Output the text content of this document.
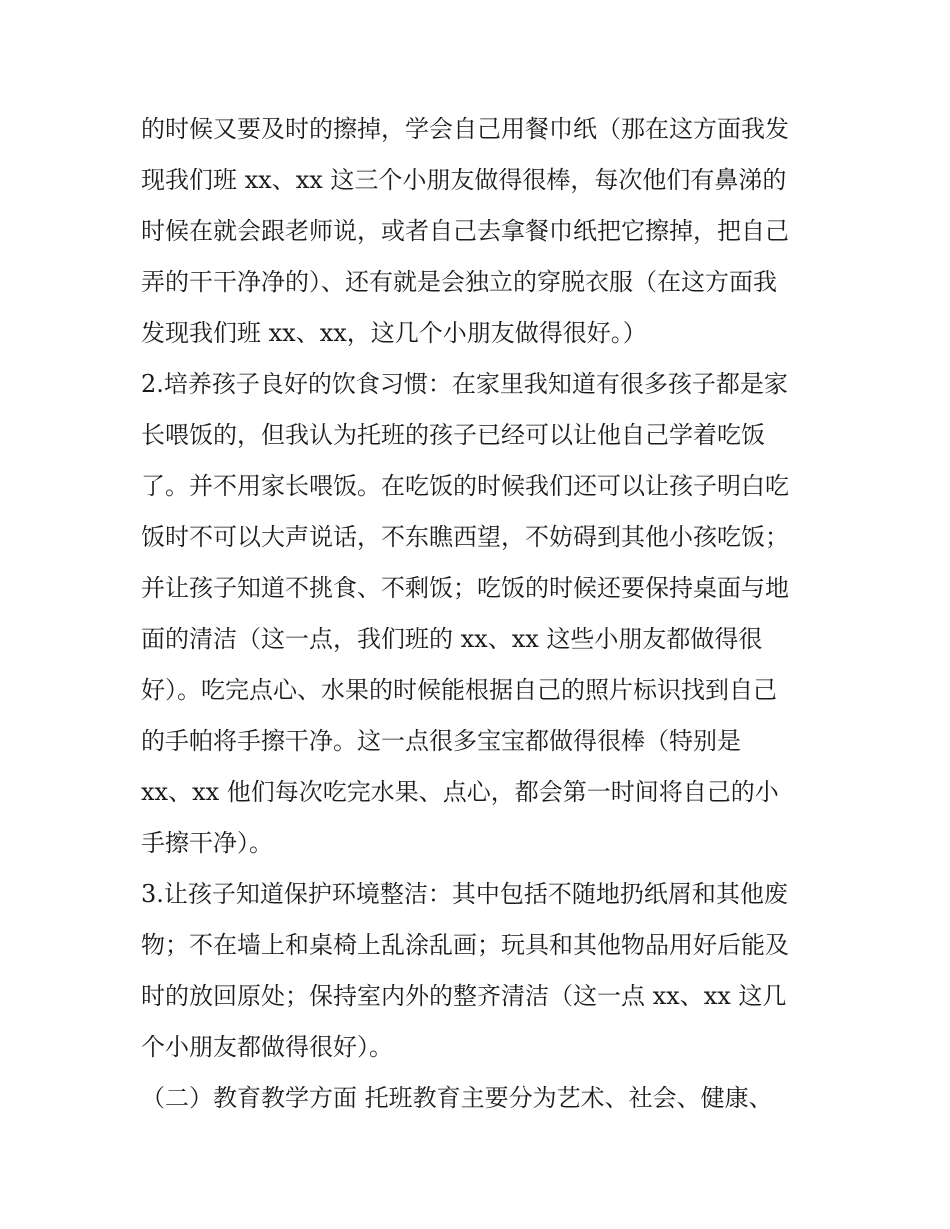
的时候又要及时的擦掉，学会自己用餐巾纸（那在这方面我发
现我们班 xx、xx 这三个小朋友做得很棒，每次他们有鼻涕的
时候在就会跟老师说，或者自己去拿餐巾纸把它擦掉，把自己
弄的干干净净的）、还有就是会独立的穿脱衣服（在这方面我
发现我们班 xx、xx，这几个小朋友做得很好。）
2.培养孩子良好的饮食习惯：在家里我知道有很多孩子都是家
长喂饭的，但我认为托班的孩子已经可以让他自己学着吃饭
了。并不用家长喂饭。在吃饭的时候我们还可以让孩子明白吃
饭时不可以大声说话，不东瞧西望，不妨碍到其他小孩吃饭；
并让孩子知道不挑食、不剩饭；吃饭的时候还要保持桌面与地
面的清洁（这一点，我们班的 xx、xx 这些小朋友都做得很
好）。吃完点心、水果的时候能根据自己的照片标识找到自己
的手帕将手擦干净。这一点很多宝宝都做得很棒（特别是
xx、xx 他们每次吃完水果、点心，都会第一时间将自己的小
手擦干净）。
3.让孩子知道保护环境整洁：其中包括不随地扔纸屑和其他废
物；不在墙上和桌椅上乱涂乱画；玩具和其他物品用好后能及
时的放回原处；保持室内外的整齐清洁（这一点 xx、xx 这几
个小朋友都做得很好）。
（二）教育教学方面 托班教育主要分为艺术、社会、健康、
